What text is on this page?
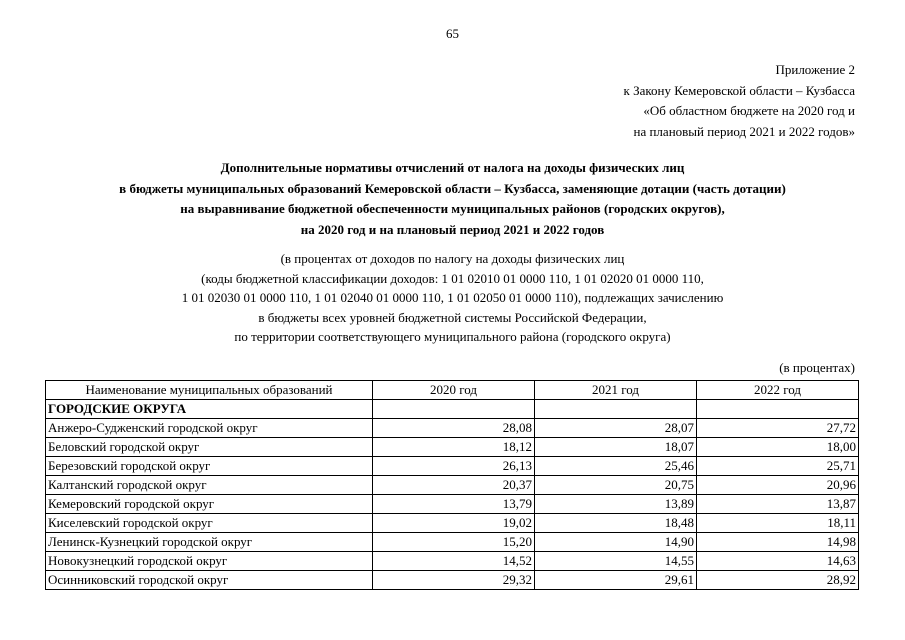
65
Приложение 2
к Закону Кемеровской области – Кузбасса
«Об областном бюджете на 2020 год и
на плановый период 2021 и 2022 годов»
Дополнительные нормативы отчислений от налога на доходы физических лиц
в бюджеты муниципальных образований Кемеровской области – Кузбасса, заменяющие дотации (часть дотации)
на выравнивание бюджетной обеспеченности муниципальных районов (городских округов),
на 2020 год и на плановый период 2021 и 2022 годов
(в процентах от доходов по налогу на доходы физических лиц
(коды бюджетной классификации доходов: 1 01 02010 01 0000 110, 1 01 02020 01 0000 110,
1 01 02030 01 0000 110, 1 01 02040 01 0000 110, 1 01 02050 01 0000 110), подлежащих зачислению
в бюджеты всех уровней бюджетной системы Российской Федерации,
по территории соответствующего муниципального района (городского округа)
(в процентах)
Наименование муниципальных образований	2020 год	2021 год	2022 год
ГОРОДСКИЕ ОКРУГА			
Анжеро-Судженский городской округ	28,08	28,07	27,72
Беловский городской округ	18,12	18,07	18,00
Березовский городской округ	26,13	25,46	25,71
Калтанский городской округ	20,37	20,75	20,96
Кемеровский городской округ	13,79	13,89	13,87
Киселевский городской округ	19,02	18,48	18,11
Ленинск-Кузнецкий городской округ	15,20	14,90	14,98
Новокузнецкий городской округ	14,52	14,55	14,63
Осинниковский городской округ	29,32	29,61	28,92
